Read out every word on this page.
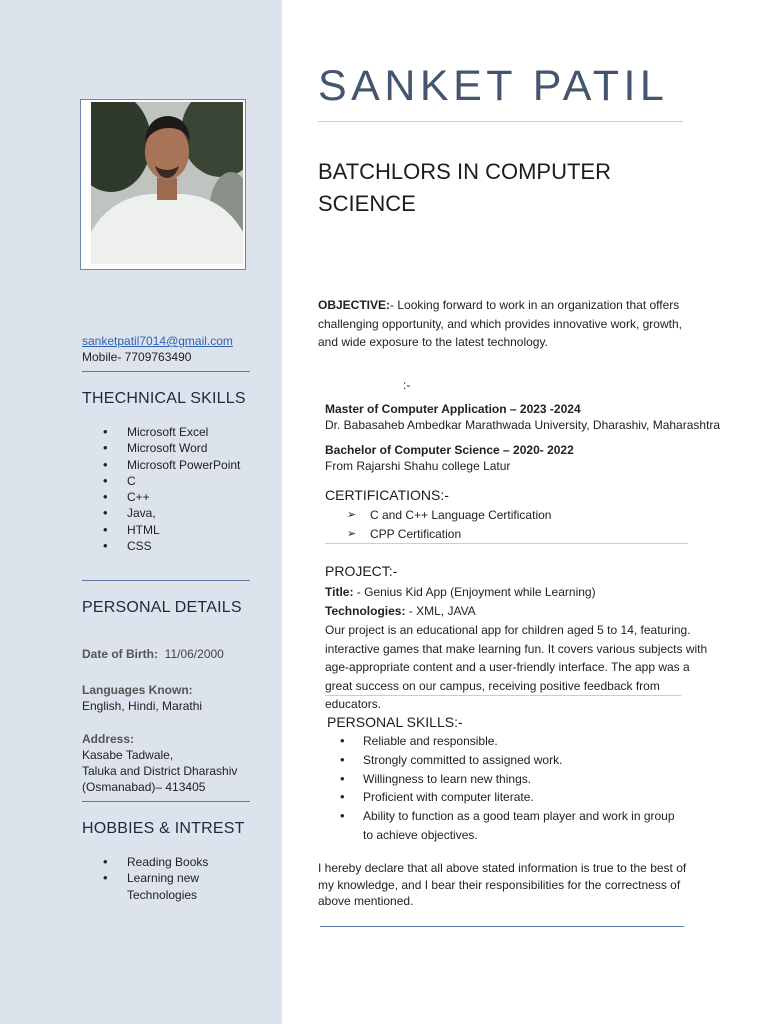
sanketpatil7014@gmail.com
Mobile- 7709763490
THECHNICAL SKILLS
• Microsoft Excel
• Microsoft Word
• Microsoft PowerPoint
• C
• C++
• Java,
• HTML
• CSS
PERSONAL DETAILS
Date of Birth: 11/06/2000
Languages Known:
English, Hindi, Marathi
Address:
Kasabe Tadwale,
Taluka and District Dharashiv
(Osmanabad)– 413405
HOBBIES & INTREST
• Reading Books
• Learning new Technologies
SANKET PATIL
BATCHLORS IN COMPUTER SCIENCE
OBJECTIVE:- Looking forward to work in an organization that offers challenging opportunity, and which provides innovative work, growth, and wide exposure to the latest technology.
:-
Master of Computer Application – 2023 -2024
Dr. Babasaheb Ambedkar Marathwada University, Dharashiv, Maharashtra
Bachelor of Computer Science – 2020- 2022
From Rajarshi Shahu college Latur
CERTIFICATIONS:-
➢ C and C++ Language Certification
➢ CPP Certification
PROJECT:-
Title: - Genius Kid App (Enjoyment while Learning)
Technologies: - XML, JAVA
Our project is an educational app for children aged 5 to 14, featuring. interactive games that make learning fun. It covers various subjects with age-appropriate content and a user-friendly interface. The app was a great success on our campus, receiving positive feedback from educators.
PERSONAL SKILLS:-
• Reliable and responsible.
• Strongly committed to assigned work.
• Willingness to learn new things.
• Proficient with computer literate.
• Ability to function as a good team player and work in group to achieve objectives.
I hereby declare that all above stated information is true to the best of my knowledge, and I bear their responsibilities for the correctness of above mentioned.
